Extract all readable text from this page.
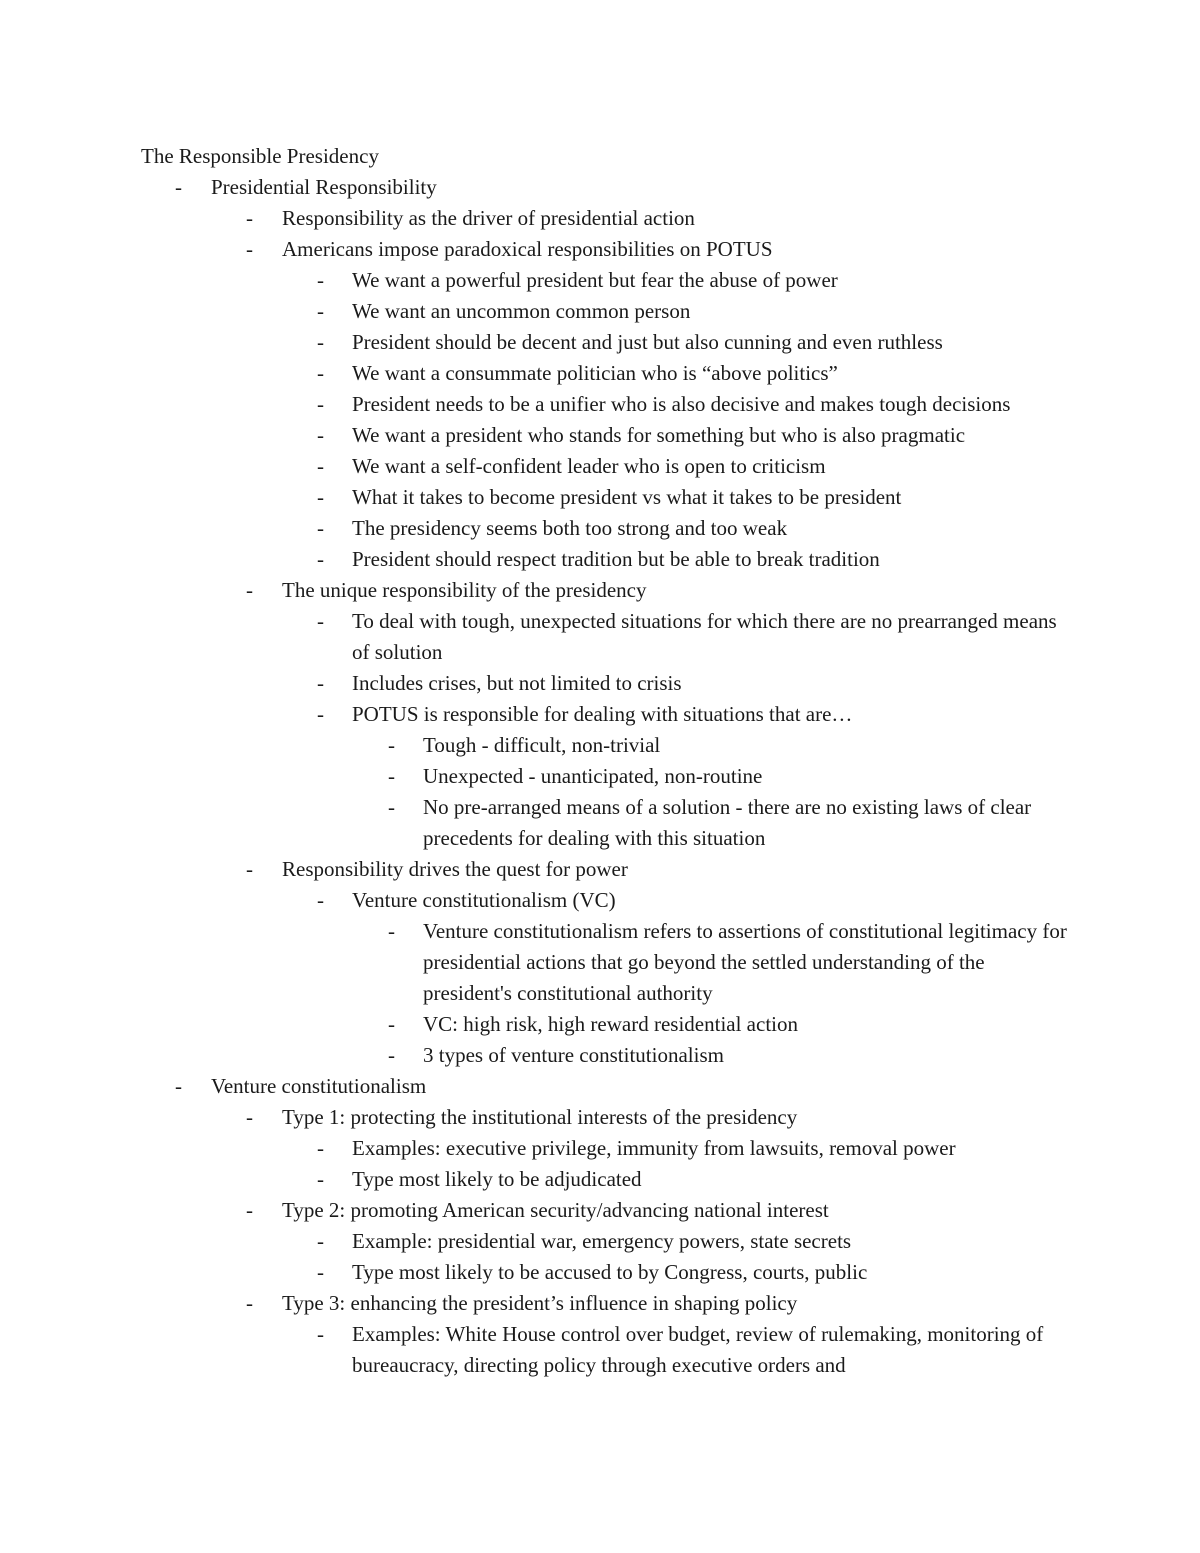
The Responsible Presidency
- Presidential Responsibility
- Responsibility as the driver of presidential action
- Americans impose paradoxical responsibilities on POTUS
- We want a powerful president but fear the abuse of power
- We want an uncommon common person
- President should be decent and just but also cunning and even ruthless
- We want a consummate politician who is “above politics”
- President needs to be a unifier who is also decisive and makes tough decisions
- We want a president who stands for something but who is also pragmatic
- We want a self-confident leader who is open to criticism
- What it takes to become president vs what it takes to be president
- The presidency seems both too strong and too weak
- President should respect tradition but be able to break tradition
- The unique responsibility of the presidency
- To deal with tough, unexpected situations for which there are no prearranged means of solution
- Includes crises, but not limited to crisis
- POTUS is responsible for dealing with situations that are…
- Tough - difficult, non-trivial
- Unexpected - unanticipated, non-routine
- No pre-arranged means of a solution - there are no existing laws of clear precedents for dealing with this situation
- Responsibility drives the quest for power
- Venture constitutionalism (VC)
- Venture constitutionalism refers to assertions of constitutional legitimacy for presidential actions that go beyond the settled understanding of the president's constitutional authority
- VC: high risk, high reward residential action
- 3 types of venture constitutionalism
- Venture constitutionalism
- Type 1: protecting the institutional interests of the presidency
- Examples: executive privilege, immunity from lawsuits, removal power
- Type most likely to be adjudicated
- Type 2: promoting American security/advancing national interest
- Example: presidential war, emergency powers, state secrets
- Type most likely to be accused to by Congress, courts, public
- Type 3: enhancing the president’s influence in shaping policy
- Examples: White House control over budget, review of rulemaking, monitoring of bureaucracy, directing policy through executive orders and
